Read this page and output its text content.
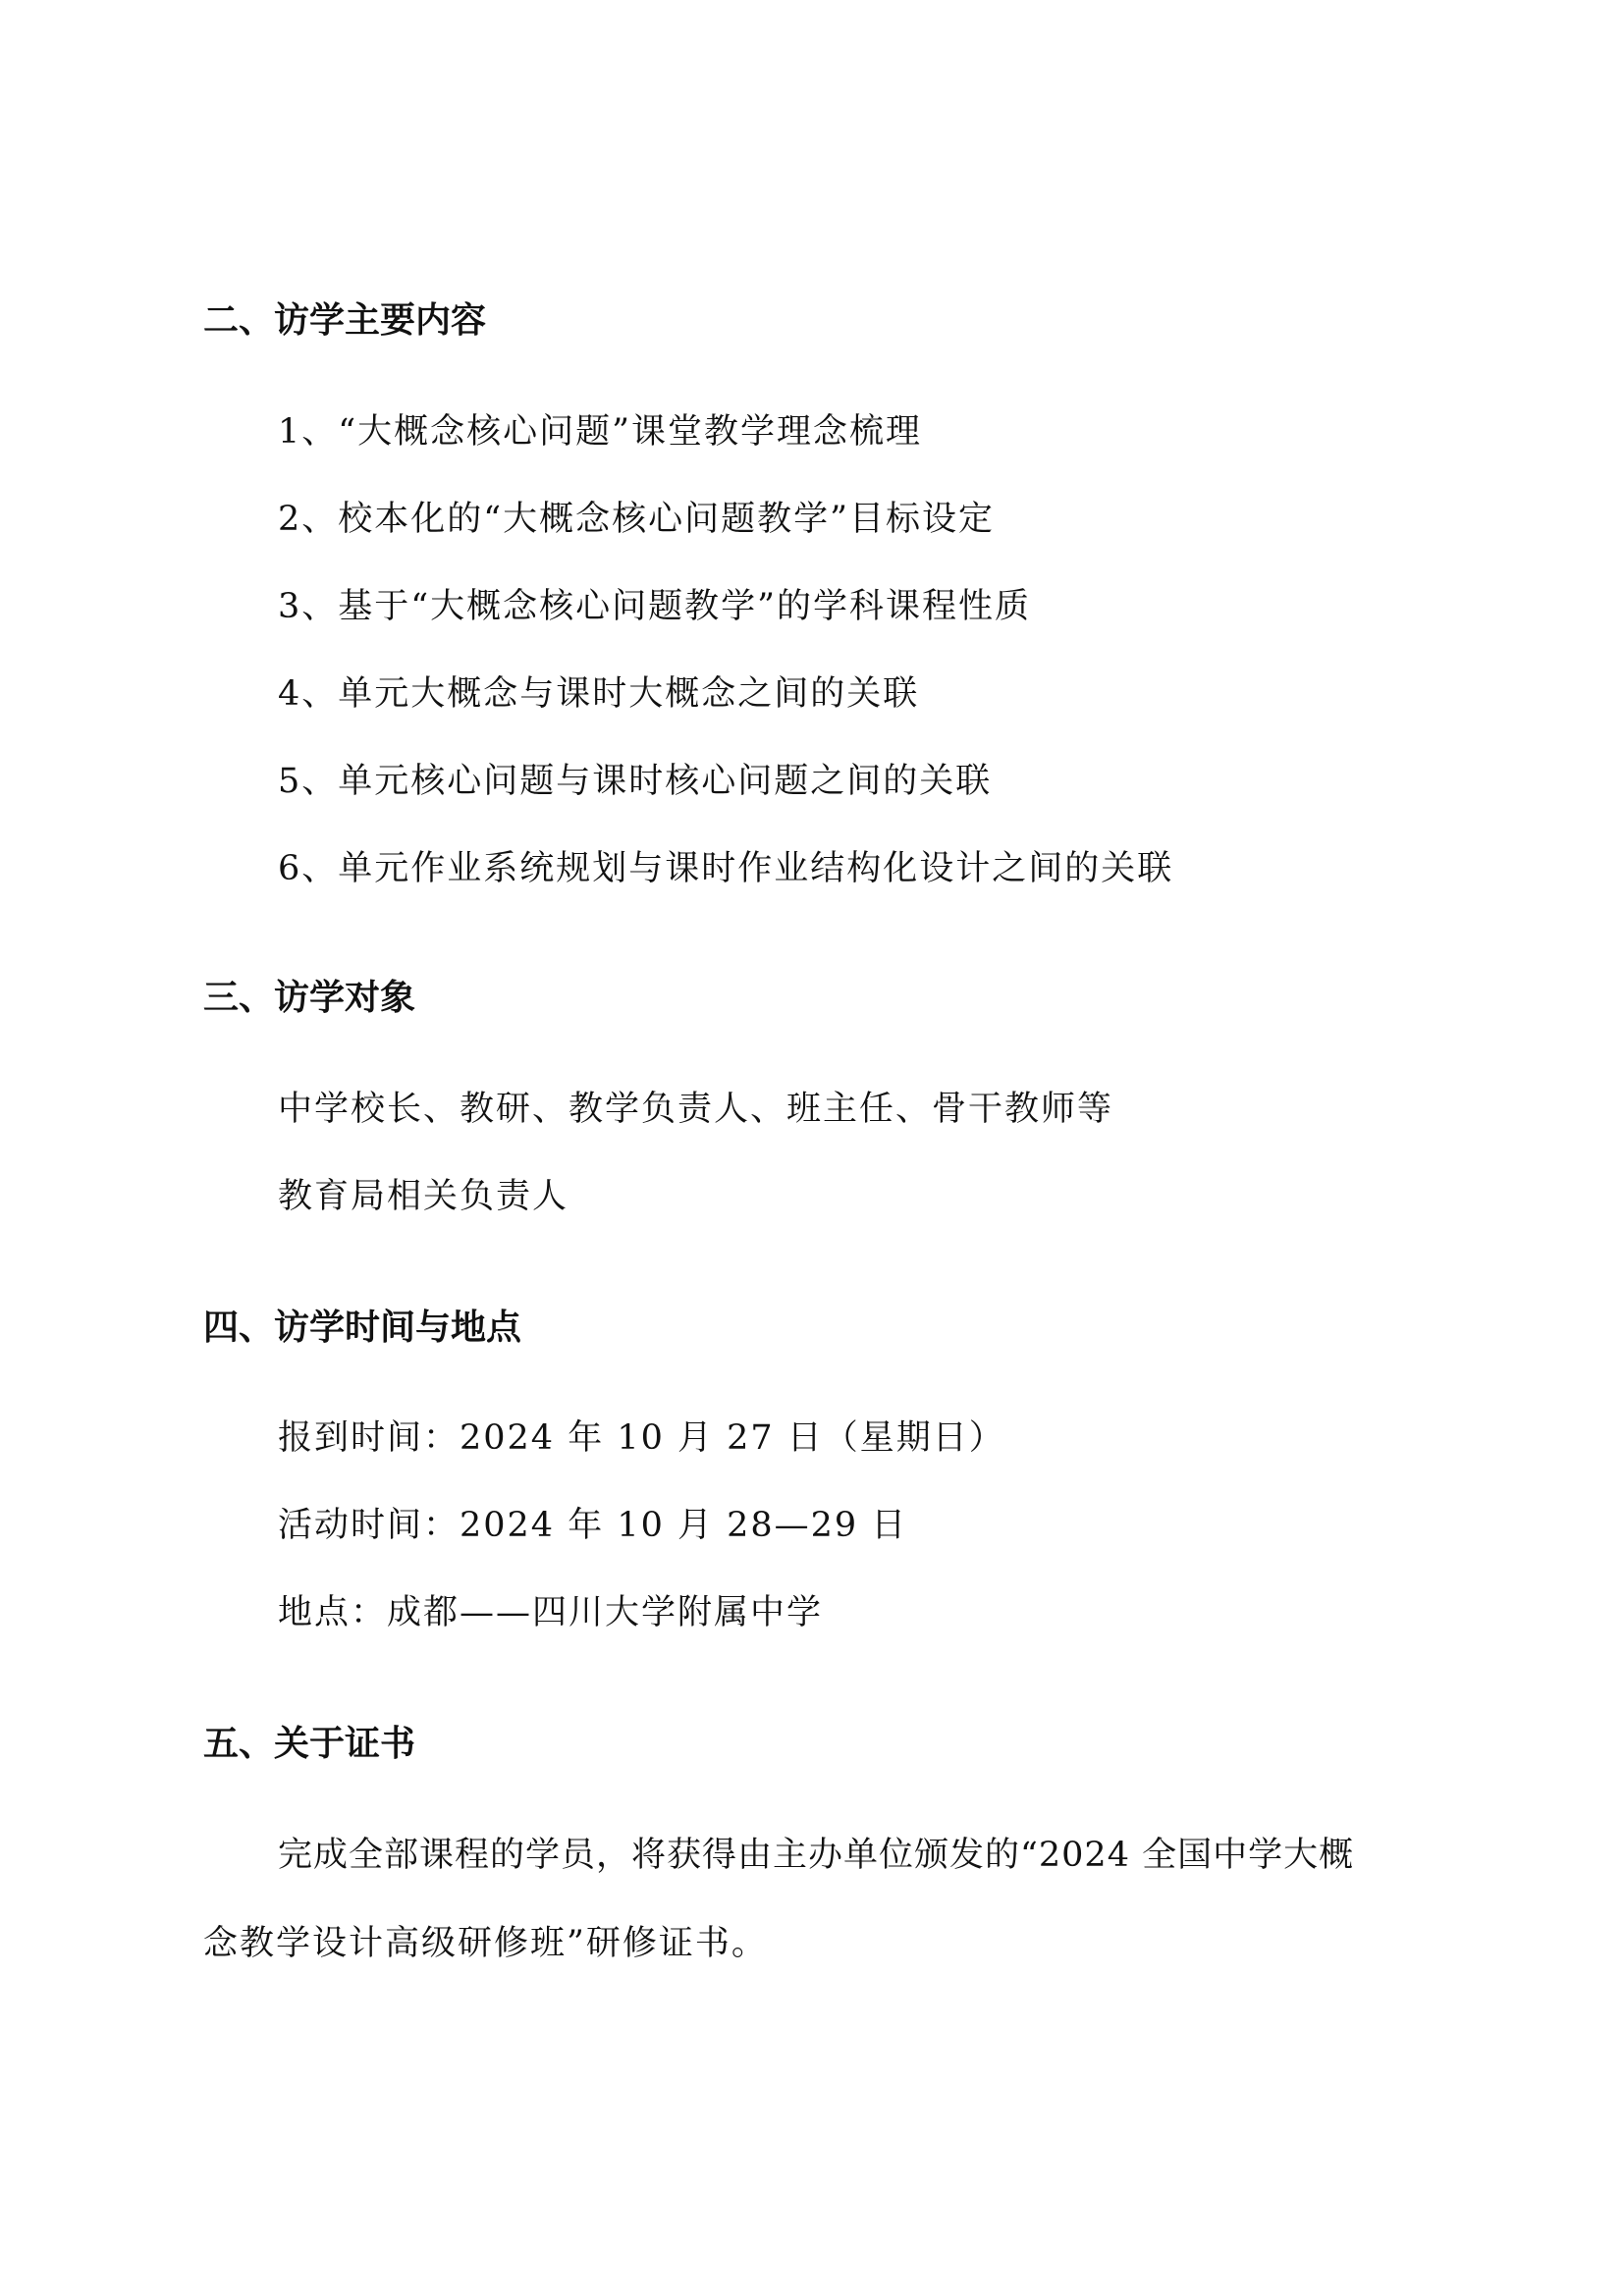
二、访学主要内容

1、“大概念核心问题”课堂教学理念梳理

2、校本化的“大概念核心问题教学”目标设定

3、基于“大概念核心问题教学”的学科课程性质

4、单元大概念与课时大概念之间的关联

5、单元核心问题与课时核心问题之间的关联

6、单元作业系统规划与课时作业结构化设计之间的关联

三、访学对象

中学校长、教研、教学负责人、班主任、骨干教师等

教育局相关负责人

四、访学时间与地点

报到时间：2024 年 10 月 27 日（星期日）

活动时间：2024 年 10 月 28—29 日

地点：成都——四川大学附属中学

五、关于证书

完成全部课程的学员，将获得由主办单位颁发的“2024 全国中学大概

念教学设计高级研修班”研修证书。
